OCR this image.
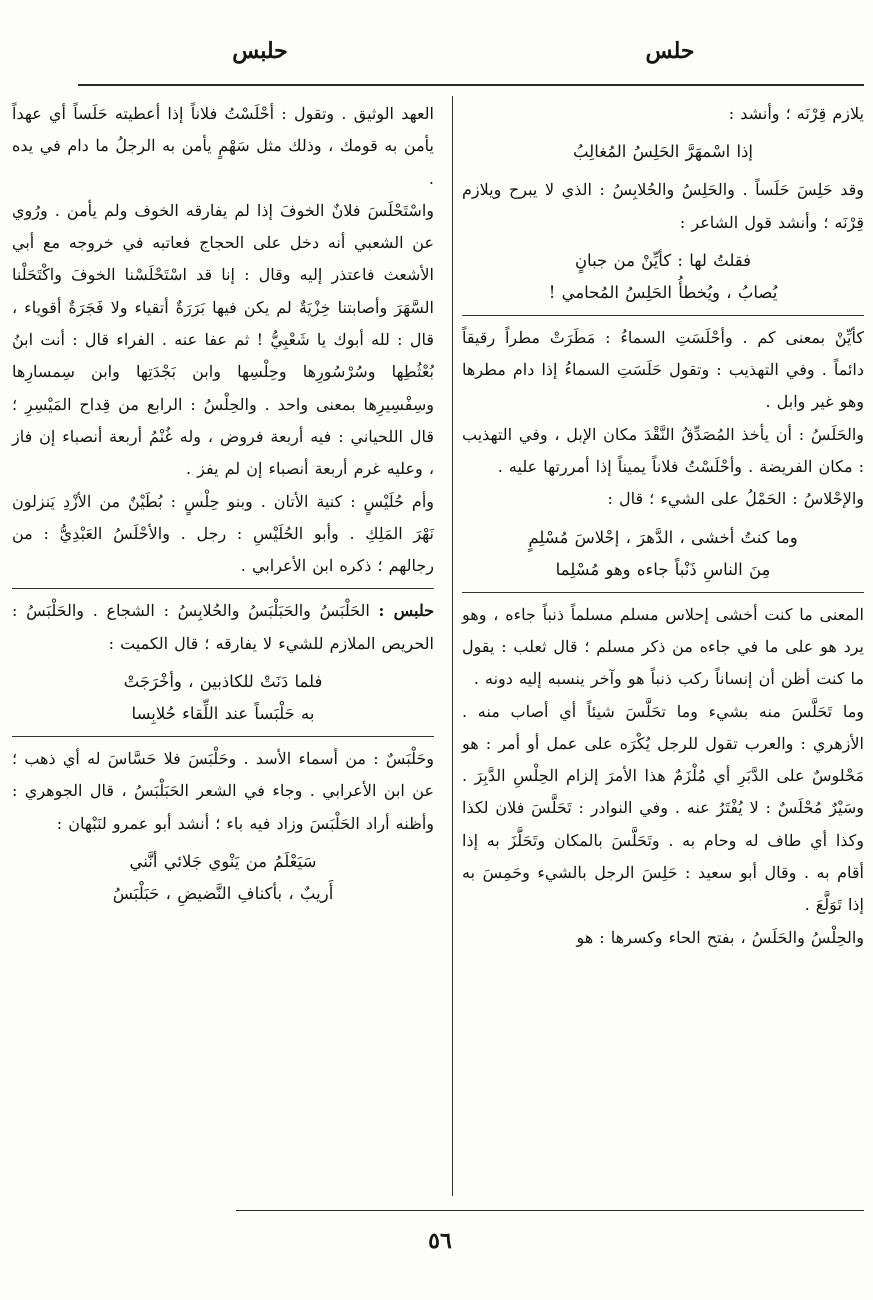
حلس
حلبس

يلازم قِرْنَه ؛ وأنشد :

إذا اسْمهَرَّ الحَلِسُ المُغالِبُ

وقد حَلِسَ حَلَساً . والحَلِسُ والحُلابِسُ : الذي لا يبرح ويلازم قِرْنَه ؛ وأنشد قول الشاعر :

فقلتُ لها : كأيِّنْ من جبانٍ
يُصابُ ، ويُخطأُ الحَلِسُ المُحامي !

كأيِّنْ بمعنى كم . وأحْلَسَتِ السماءُ : مَطَرَتْ مطراً رقيقاً دائماً . وفي التهذيب : وتقول حَلَسَتِ السماءُ إذا دام مطرها وهو غير وابل .

والحَلَسُ : أن يأخذ المُصَدِّقُ النَّقْدَ مكان الإبل ، وفي التهذيب : مكان الفريضة . وأحْلَسْتُ فلاناً يميناً إذا أمررتها عليه .

والإحْلاسُ : الحَمْلُ على الشيء ؛ قال :

وما كنتُ أخشى ، الدَّهرَ ، إحْلاسَ مُسْلِمٍ
مِنَ الناسِ ذَنْباً جاءه وهو مُسْلِما

المعنى ما كنت أخشى إحلاس مسلم مسلماً ذنباً جاءه ، وهو يرد هو على ما في جاءه من ذكر مسلم ؛ قال ثعلب : يقول ما كنت أظن أن إنساناً ركب ذنباً هو وآخر ينسبه إليه دونه .

وما تَحَلَّسَ منه بشيء وما تحَلَّسَ شيئاً أي أصاب منه . الأزهري : والعرب تقول للرجل يُكْرَه على عمل أو أمر : هو مَحْلوسٌ على الدَّبَرِ أي مُلْزَمٌ هذا الأمرَ إلزام الحِلْسِ الدَّبِرَ . وسَيْرٌ مُحْلَسٌ : لا يُفْتَرُ عنه . وفي النوادر : تَحَلَّسَ فلان لكذا وكذا أي طاف له وحام به . وتَحَلَّسَ بالمكان وتَحَلَّزَ به إذا أقام به . وقال أبو سعيد : حَلِسَ الرجل بالشيء وحَمِسَ به إذا تَوَلَّعَ .

والحِلْسُ والحَلَسُ ، بفتح الحاء وكسرها : هو

العهد الوثيق . وتقول : أحْلَسْتُ فلاناً إذا أعطيته حَلَساً أي عهداً يأمن به قومك ، وذلك مثل سَهْمٍ يأمن به الرجلُ ما دام في يده .

واسْتَحْلَسَ فلانٌ الخوفَ إذا لم يفارقه الخوف ولم يأمن . ورُوي عن الشعبي أنه دخل على الحجاج فعاتبه في خروجه مع أبي الأشعث فاعتذر إليه وقال : إنا قد اسْتَحْلَسْنا الخوفَ واكْتَحَلْنا السَّهَرَ وأصابتنا خِزْيَةٌ لم يكن فيها بَرَرَةٌ أتقياء ولا فَجَرَةٌ أقوياء ، قال : لله أبوك يا شَعْبِيُّ ! ثم عفا عنه . الفراء قال : أنت ابنُ بُعْثُطِها وسُرْسُورِها وحِلْسِها وابن بَجْدَتِها وابن سِمسارِها وسِفْسِيرِها بمعنى واحد . والحِلْسُ : الرابع من قِداح المَيْسِرِ ؛ قال اللحياني : فيه أربعة فروض ، وله غُنْمُ أربعة أنصباء إن فاز ، وعليه غرم أربعة أنصباء إن لم يفز .

وأم حُلَيْسٍ : كنية الأتان . وبنو حِلْسٍ : بُطَيْنٌ من الأزْدِ يَنزلون نَهْرَ المَلِكِ . وأبو الحُلَيْسِ : رجل . والأحْلَسُ العَبْدِيُّ : من رجالهم ؛ ذكره ابن الأعرابي .

حلبس : الحَلْبَسُ والحَبَلْبَسُ والحُلابِسُ : الشجاع . والحَلْبَسُ : الحريص الملازم للشيء لا يفارقه ؛ قال الكميت :

فلما دَنَتْ للكاذبين ، وأخْرَجَتْ
به حَلْبَساً عند اللِّقاء حُلابِسا

وحَلْبَسٌ : من أسماء الأسد . وحَلْبَسَ فلا حَسَّاسَ له أي ذهب ؛ عن ابن الأعرابي . وجاء في الشعر الحَبَلْبَسُ ، قال الجوهري : وأظنه أراد الحَلْبَسَ وزاد فيه باء ؛ أنشد أبو عمرو لنَبْهان :

سَيَعْلَمُ من يَنْوي جَلائي أنَّني
أَريبٌ ، بأكنافِ النَّضيضِ ، حَبَلْبَسُ
٥٦
